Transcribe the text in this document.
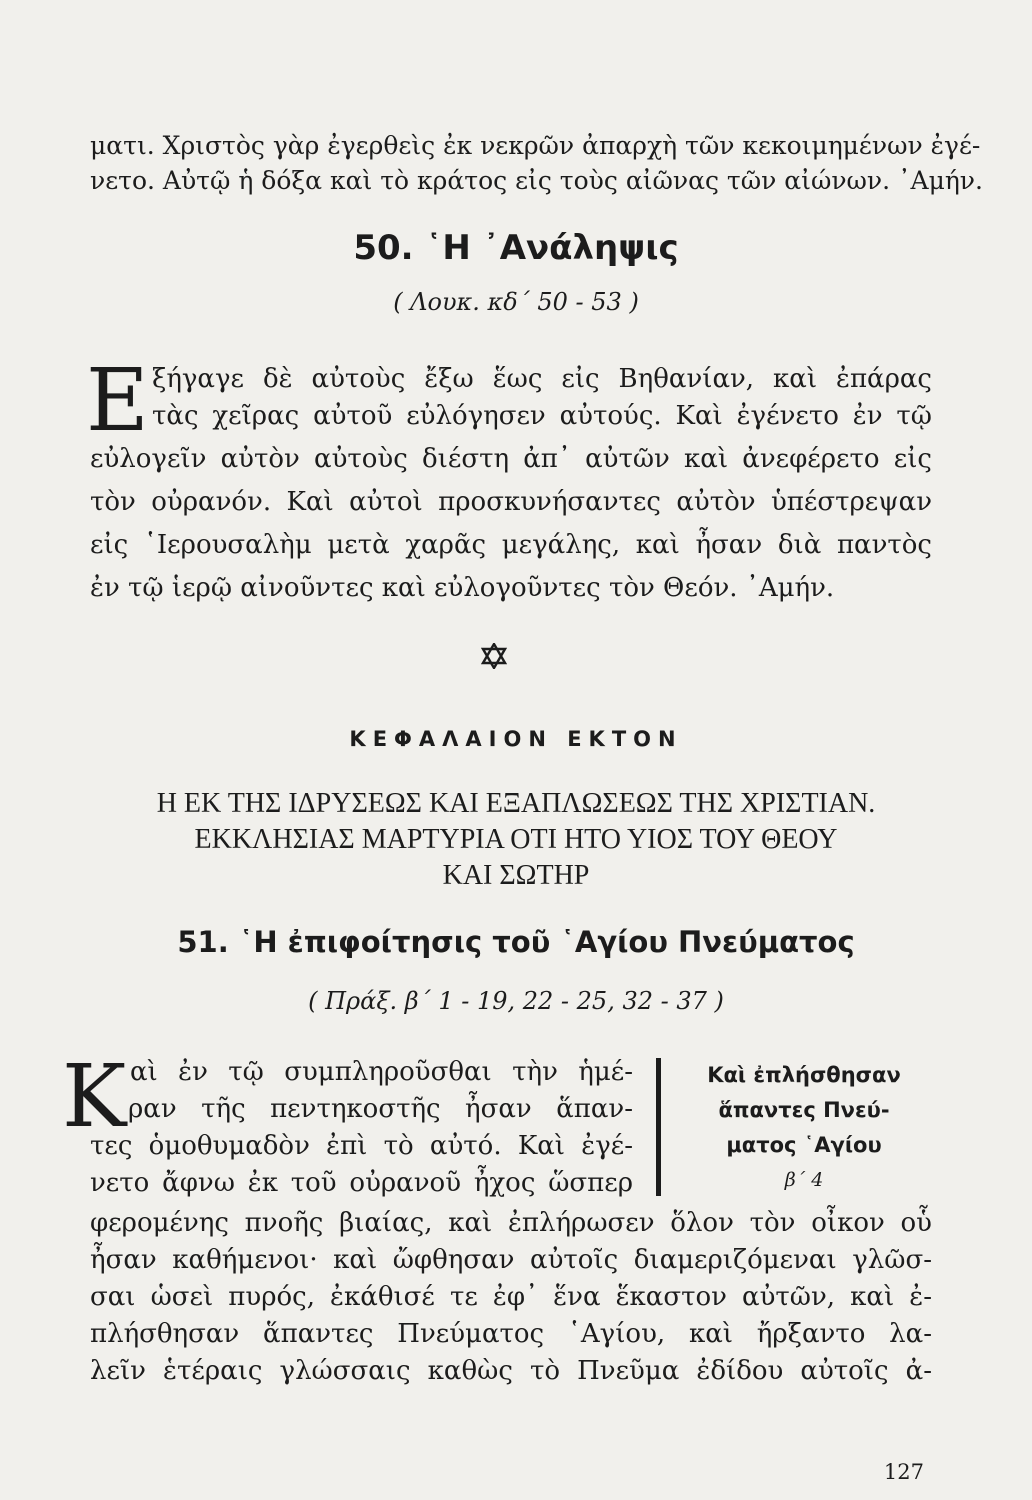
ματι. Χριστὸς γὰρ ἐγερθεὶς ἐκ νεκρῶν ἀπαρχὴ τῶν κεκοιμημένων ἐγέ-
νετο. Αὐτῷ ἡ δόξα καὶ τὸ κράτος εἰς τοὺς αἰῶνας τῶν αἰώνων. ᾿Αμήν.
50. ῾Η ᾿Ανάληψις
( Λουκ. κδ΄ 50 - 53 )
Ε ξήγαγε δὲ αὐτοὺς ἔξω ἕως εἰς Βηθανίαν, καὶ ἐπάρας
τὰς χεῖρας αὐτοῦ εὐλόγησεν αὐτούς. Καὶ ἐγένετο ἐν τῷ
εὐλογεῖν αὐτὸν αὐτοὺς διέστη ἀπ᾿ αὐτῶν καὶ ἀνεφέρετο εἰς
τὸν οὐρανόν. Καὶ αὐτοὶ προσκυνήσαντες αὐτὸν ὑπέστρεψαν
εἰς ῾Ιερουσαλὴμ μετὰ χαρᾶς μεγάλης, καὶ ἦσαν διὰ παντὸς
ἐν τῷ ἱερῷ αἰνοῦντες καὶ εὐλογοῦντες τὸν Θεόν. ᾿Αμήν.
ΚΕΦΑΛΑΙΟΝ ΕΚΤΟΝ
Η ΕΚ ΤΗΣ ΙΔΡΥΣΕΩΣ ΚΑΙ ΕΞΑΠΛΩΣΕΩΣ ΤΗΣ ΧΡΙΣΤΙΑΝ.
ΕΚΚΛΗΣΙΑΣ ΜΑΡΤΥΡΙΑ ΟΤΙ ΗΤΟ ΥΙΟΣ ΤΟΥ ΘΕΟΥ
ΚΑΙ ΣΩΤΗΡ
51. ῾Η ἐπιφοίτησις τοῦ ῾Αγίου Πνεύματος
( Πράξ. β΄ 1 - 19, 22 - 25, 32 - 37 )
Κ αὶ ἐν τῷ συμπληροῦσθαι τὴν ἡμέ-
ραν τῆς πεντηκοστῆς ἦσαν ἅπαν-
τες ὁμοθυμαδὸν ἐπὶ τὸ αὐτό. Καὶ ἐγέ-
νετο ἄφνω ἐκ τοῦ οὐρανοῦ ἦχος ὥσπερ
Καὶ ἐπλήσθησαν
ἅπαντες Πνεύ-
ματος ῾Αγίου
β΄ 4
φερομένης πνοῆς βιαίας, καὶ ἐπλήρωσεν ὅλον τὸν οἶκον οὗ
ἦσαν καθήμενοι· καὶ ὤφθησαν αὐτοῖς διαμεριζόμεναι γλῶσ-
σαι ὡσεὶ πυρός, ἐκάθισέ τε ἐφ᾿ ἕνα ἕκαστον αὐτῶν, καὶ ἐ-
πλήσθησαν ἅπαντες Πνεύματος ῾Αγίου, καὶ ἤρξαντο λα-
λεῖν ἑτέραις γλώσσαις καθὼς τὸ Πνεῦμα ἐδίδου αὐτοῖς ἀ-
127
